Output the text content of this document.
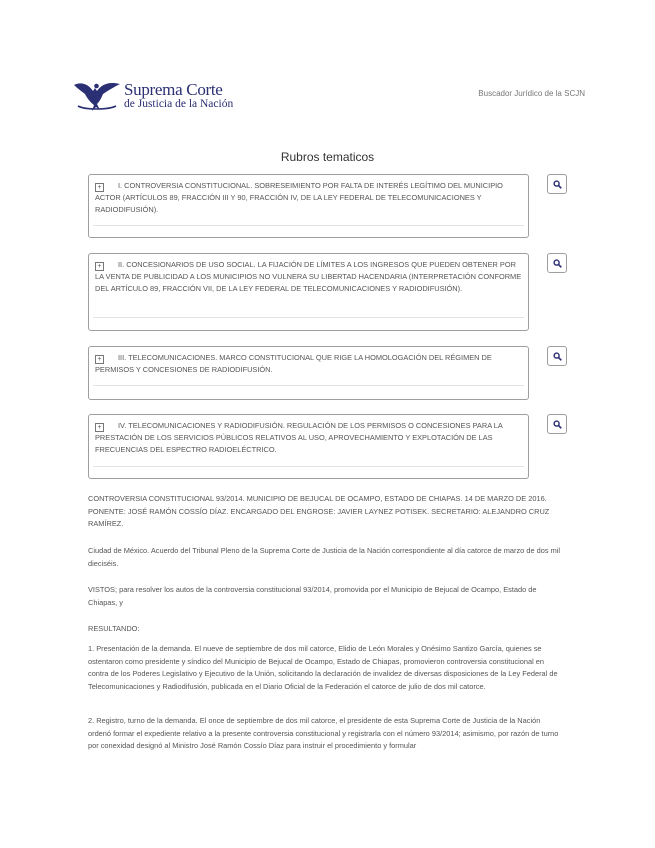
Suprema Corte
de Justicia de la Nación
Buscador Jurídico de la SCJN
Rubros tematicos
+ I. CONTROVERSIA CONSTITUCIONAL. SOBRESEIMIENTO POR FALTA DE INTERÉS LEGÍTIMO DEL MUNICIPIO ACTOR (ARTÍCULOS 89, FRACCIÓN III Y 90, FRACCIÓN IV, DE LA LEY FEDERAL DE TELECOMUNICACIONES Y RADIODIFUSIÓN).
+ II. CONCESIONARIOS DE USO SOCIAL. LA FIJACIÓN DE LÍMITES A LOS INGRESOS QUE PUEDEN OBTENER POR LA VENTA DE PUBLICIDAD A LOS MUNICIPIOS NO VULNERA SU LIBERTAD HACENDARIA (INTERPRETACIÓN CONFORME DEL ARTÍCULO 89, FRACCIÓN VII, DE LA LEY FEDERAL DE TELECOMUNICACIONES Y RADIODIFUSIÓN).
+ III. TELECOMUNICACIONES. MARCO CONSTITUCIONAL QUE RIGE LA HOMOLOGACIÓN DEL RÉGIMEN DE PERMISOS Y CONCESIONES DE RADIODIFUSIÓN.
+ IV. TELECOMUNICACIONES Y RADIODIFUSIÓN. REGULACIÓN DE LOS PERMISOS O CONCESIONES PARA LA PRESTACIÓN DE LOS SERVICIOS PÚBLICOS RELATIVOS AL USO, APROVECHAMIENTO Y EXPLOTACIÓN DE LAS FRECUENCIAS DEL ESPECTRO RADIOELÉCTRICO.

CONTROVERSIA CONSTITUCIONAL 93/2014. MUNICIPIO DE BEJUCAL DE OCAMPO, ESTADO DE CHIAPAS. 14 DE MARZO DE 2016. PONENTE: JOSÉ RAMÓN COSSÍO DÍAZ. ENCARGADO DEL ENGROSE: JAVIER LAYNEZ POTISEK. SECRETARIO: ALEJANDRO CRUZ RAMÍREZ.

Ciudad de México. Acuerdo del Tribunal Pleno de la Suprema Corte de Justicia de la Nación correspondiente al día catorce de marzo de dos mil dieciséis.

VISTOS; para resolver los autos de la controversia constitucional 93/2014, promovida por el Municipio de Bejucal de Ocampo, Estado de Chiapas, y

RESULTANDO:

1. Presentación de la demanda. El nueve de septiembre de dos mil catorce, Elidio de León Morales y Onésimo Santizo García, quienes se ostentaron como presidente y síndico del Municipio de Bejucal de Ocampo, Estado de Chiapas, promovieron controversia constitucional en contra de los Poderes Legislativo y Ejecutivo de la Unión, solicitando la declaración de invalidez de diversas disposiciones de la Ley Federal de Telecomunicaciones y Radiodifusión, publicada en el Diario Oficial de la Federación el catorce de julio de dos mil catorce.

2. Registro, turno de la demanda. El once de septiembre de dos mil catorce, el presidente de esta Suprema Corte de Justicia de la Nación ordenó formar el expediente relativo a la presente controversia constitucional y registrarla con el número 93/2014; asimismo, por razón de turno por conexidad designó al Ministro José Ramón Cossío Díaz para instruir el procedimiento y formular
